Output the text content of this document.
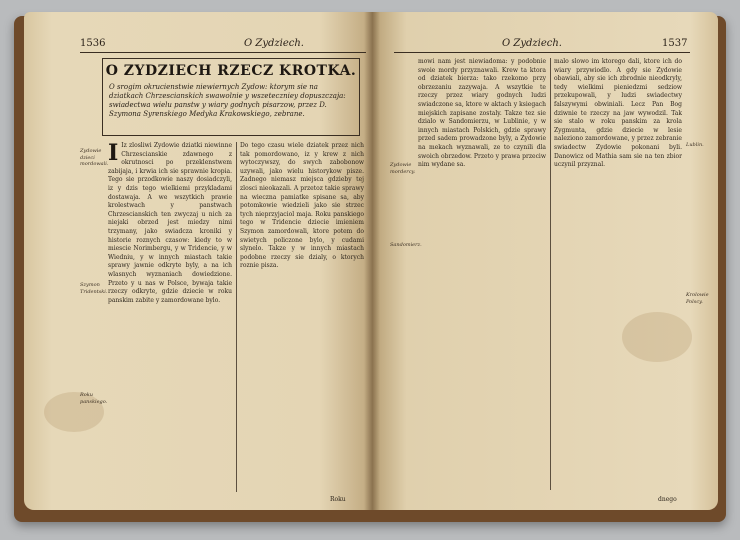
1536	O Zydziech.
O ZYDZIECH RZECZ KROTKA.
O srogim okrucienstwie niewiernych Zydow: ktorym sie na dziatkach Chrzescianskich swawolnie y wszeteczniey dopuszczaja: swiadectwa wielu panstw y wiary godnych pisarzow, przez D. Szymona Syrenskiego Medyka Krakowskiego, zebrane.
I Iz zlosliwi Zydowie dziatki niewinne Chrzescianskie zdawnego z okrutnosci po przeklenstwem zabijaja, i krwia ich sie sprawnie kropia. Tego sie przodkowie naszy dosiadczyli, iz y dzis tego wielkiemi przykladami dostawaja. A we wszytkich prawie krolestwach y panstwach Chrzescianskich ten zwyczaj u nich za niejaki obrzed jest miedzy nimi trzymany, jako swiadcza kroniki y historie roznych czasow: kiedy to w miescie Norimbergu, y w Tridencie, y w Wiedniu, y w innych miastach takie sprawy jawnie odkryte byly, a na ich wlasnych wyznaniach dowiedzione. Przeto y u nas w Polsce, bywaja takie rzeczy odkryte, gdzie dziecie w roku panskim zabite y zamordowane bylo.
Do tego czasu wiele dziatek przez nich tak pomordowano, iz y krew z nich wytoczywszy, do swych zabobonow uzywali, jako wielu historykow pisze. Zadnego niemasz miejsca gdzieby tej zlosci nieokazali. A przetoz takie sprawy na wieczna pamiatke spisane sa, aby potomkowie wiedzieli jako sie strzec tych nieprzyjaciol maja. Roku panskiego tego w Tridencie dziecie imieniem Szymon zamordowali, ktore potem do swietych policzone bylo, y cudami slynelo. Takze y w innych miastach podobne rzeczy sie dzialy, o ktorych roznie pisza.
Zydowie dzieci mordowali.
Szymon Tridentski.
Roku panskiego.
Roku
O Zydziech.	1537
mowi nam jest niewiadoma: y podobnie swoie mordy przyznawali. Krew ta ktora od dziatek bierza: tako rzekomo przy obrzezaniu zazywaja. A wszytkie te rzeczy przez wiary godnych ludzi swiadczone sa, ktore w aktach y ksiegach miejskich zapisane zostaly. Takze tez sie dzialo w Sandomierzu, w Lublinie, y w innych miastach Polskich, gdzie sprawy przed sadem prowadzone byly, a Zydowie na mekach wyznawali, ze to czynili dla swoich obrzedow. Przeto y prawa przeciw nim wydane sa.
malo slowo im ktorego dali, ktore ich do wiary przywiodlo. A gdy sie Zydowie obawiali, aby sie ich zbrodnie nieodkryly, tedy wielkimi pieniedzmi sedziow przekupowali, y ludzi swiadectwy falszywymi obwiniali. Lecz Pan Bog dziwnie te rzeczy na jaw wywodzil. Tak sie stalo w roku panskim za krola Zygmunta, gdzie dziecie w lesie naleziono zamordowane, y przez zebranie swiadectw Zydowie pokonani byli. Danowicz od Mathia sam sie na ten zbior uczynil przyznal.
Zydowie mordercy.
Sandomierz.
Lublin.
Krolowie Polscy.
dnego
